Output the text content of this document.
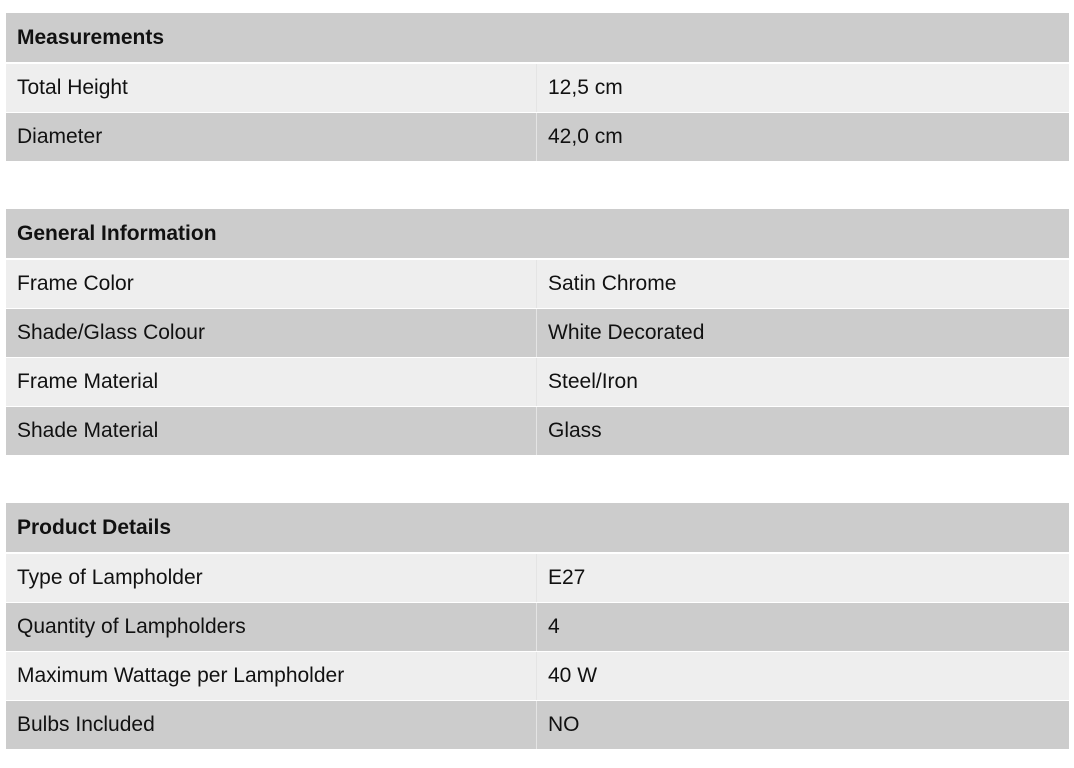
Measurements
Total Height	12,5 cm
Diameter	42,0 cm
General Information
Frame Color	Satin Chrome
Shade/Glass Colour	White Decorated
Frame Material	Steel/Iron
Shade Material	Glass
Product Details
Type of Lampholder	E27
Quantity of Lampholders	4
Maximum Wattage per Lampholder	40 W
Bulbs Included	NO
